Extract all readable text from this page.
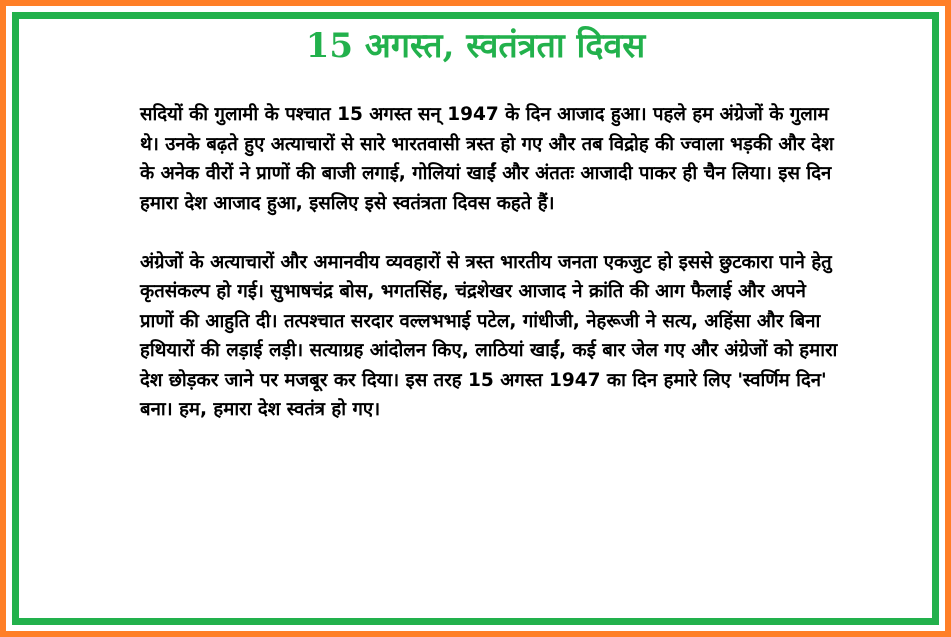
15 अगस्त, स्वतंत्रता दिवस

सदियों की गुलामी के पश्चात 15 अगस्त सन् 1947 के दिन आजाद हुआ। पहले हम अंग्रेजों के गुलाम थे। उनके बढ़ते हुए अत्याचारों से सारे भारतवासी त्रस्त हो गए और तब विद्रोह की ज्वाला भड़की और देश के अनेक वीरों ने प्राणों की बाजी लगाई, गोलियां खाईं और अंततः आजादी पाकर ही चैन लिया। इस दिन हमारा देश आजाद हुआ, इसलिए इसे स्वतंत्रता दिवस कहते हैं।

अंग्रेजों के अत्याचारों और अमानवीय व्यवहारों से त्रस्त भारतीय जनता एकजुट हो इससे छुटकारा पाने हेतु कृतसंकल्प हो गई। सुभाषचंद्र बोस, भगतसिंह, चंद्रशेखर आजाद ने क्रांति की आग फैलाई और अपने प्राणों की आहुति दी। तत्पश्चात सरदार वल्लभभाई पटेल, गांधीजी, नेहरूजी ने सत्य, अहिंसा और बिना हथियारों की लड़ाई लड़ी। सत्याग्रह आंदोलन किए, लाठियां खाईं, कई बार जेल गए और अंग्रेजों को हमारा देश छोड़कर जाने पर मजबूर कर दिया। इस तरह 15 अगस्त 1947 का दिन हमारे लिए 'स्वर्णिम दिन' बना। हम, हमारा देश स्वतंत्र हो गए।
